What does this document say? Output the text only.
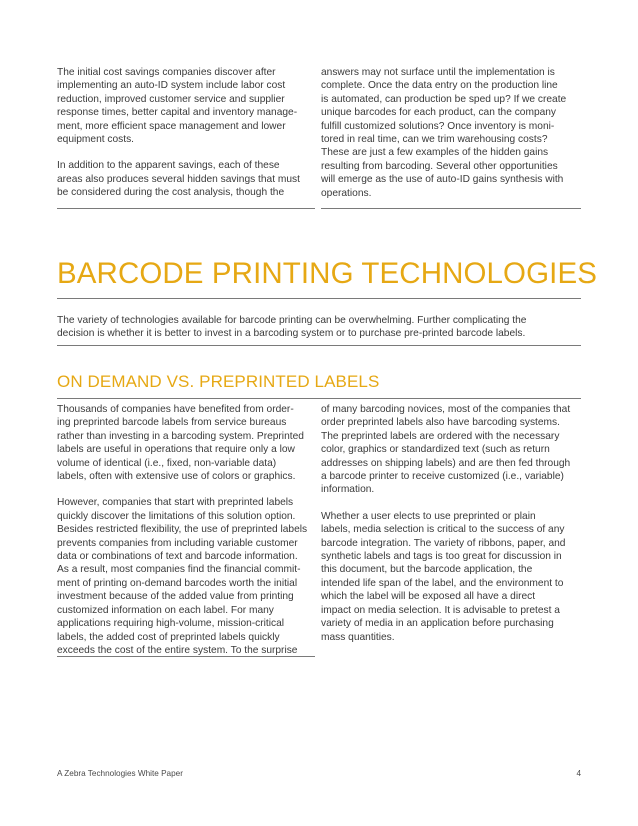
The initial cost savings companies discover after
implementing an auto-ID system include labor cost
reduction, improved customer service and supplier
response times, better capital and inventory manage-
ment, more efficient space management and lower
equipment costs.

In addition to the apparent savings, each of these
areas also produces several hidden savings that must
be considered during the cost analysis, though the

answers may not surface until the implementation is
complete. Once the data entry on the production line
is automated, can production be sped up? If we create
unique barcodes for each product, can the company
fulfill customized solutions? Once inventory is moni-
tored in real time, can we trim warehousing costs?
These are just a few examples of the hidden gains
resulting from barcoding. Several other opportunities
will emerge as the use of auto-ID gains synthesis with
operations.

BARCODE PRINTING TECHNOLOGIES

The variety of technologies available for barcode printing can be overwhelming. Further complicating the
decision is whether it is better to invest in a barcoding system or to purchase pre-printed barcode labels.

ON DEMAND VS. PREPRINTED LABELS

Thousands of companies have benefited from order-
ing preprinted barcode labels from service bureaus
rather than investing in a barcoding system. Preprinted
labels are useful in operations that require only a low
volume of identical (i.e., fixed, non-variable data)
labels, often with extensive use of colors or graphics.

However, companies that start with preprinted labels
quickly discover the limitations of this solution option.
Besides restricted flexibility, the use of preprinted labels
prevents companies from including variable customer
data or combinations of text and barcode information.
As a result, most companies find the financial commit-
ment of printing on-demand barcodes worth the initial
investment because of the added value from printing
customized information on each label. For many
applications requiring high-volume, mission-critical
labels, the added cost of preprinted labels quickly
exceeds the cost of the entire system. To the surprise

of many barcoding novices, most of the companies that
order preprinted labels also have barcoding systems.
The preprinted labels are ordered with the necessary
color, graphics or standardized text (such as return
addresses on shipping labels) and are then fed through
a barcode printer to receive customized (i.e., variable)
information.

Whether a user elects to use preprinted or plain
labels, media selection is critical to the success of any
barcode integration. The variety of ribbons, paper, and
synthetic labels and tags is too great for discussion in
this document, but the barcode application, the
intended life span of the label, and the environment to
which the label will be exposed all have a direct
impact on media selection. It is advisable to pretest a
variety of media in an application before purchasing
mass quantities.

A Zebra Technologies White Paper	4
